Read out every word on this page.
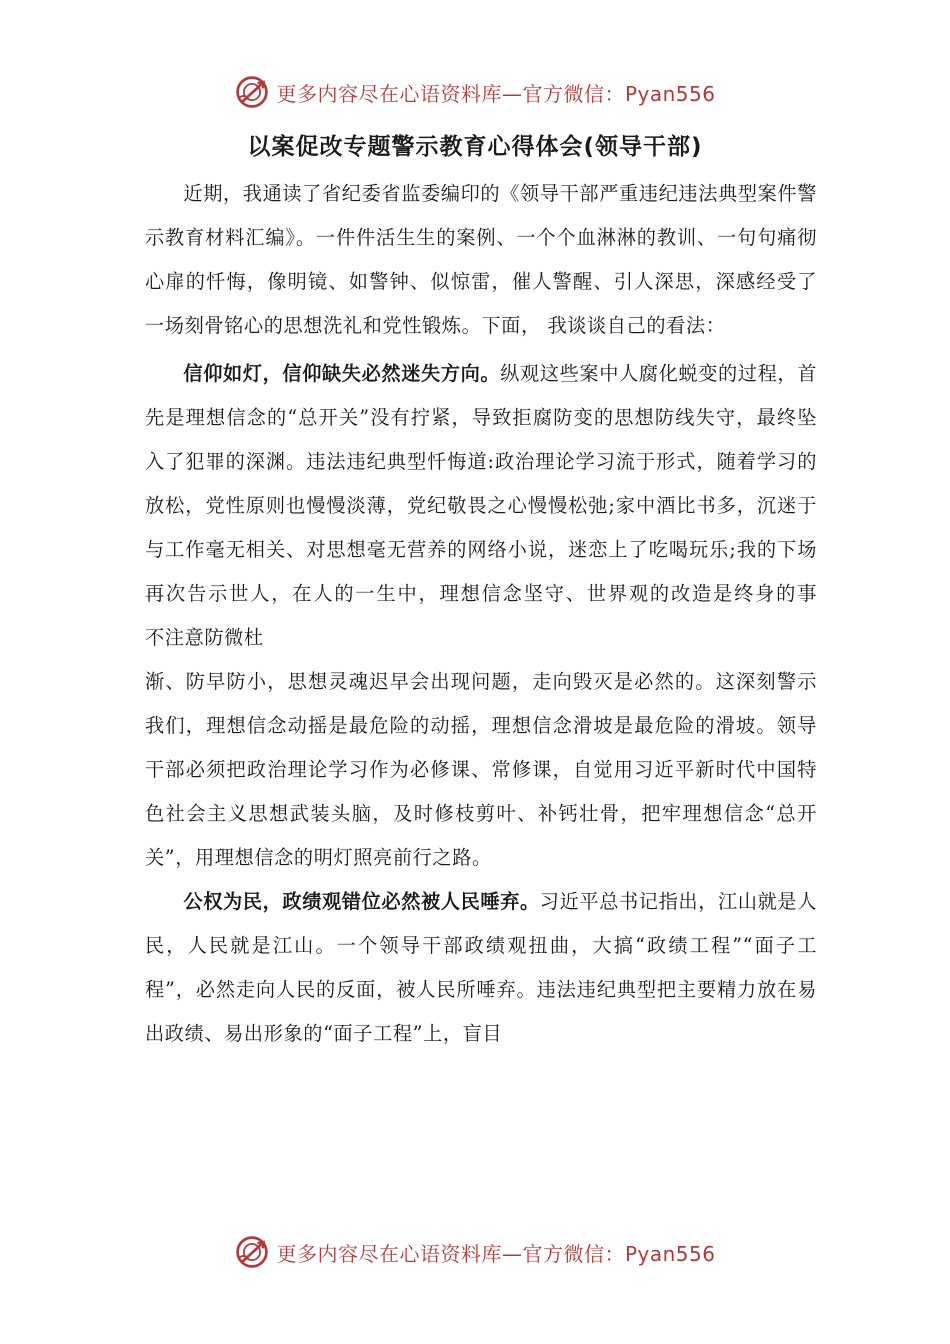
更多内容尽在心语资料库—官方微信：Pyan556
以案促改专题警示教育心得体会(领导干部)

近期，我通读了省纪委省监委编印的《领导干部严重违纪违法典型案件警示教育材料汇编》。一件件活生生的案例、一个个血淋淋的教训、一句句痛彻心扉的忏悔，像明镜、如警钟、似惊雷，催人警醒、引人深思，深感经受了一场刻骨铭心的思想洗礼和党性锻炼。下面， 我谈谈自己的看法：

信仰如灯，信仰缺失必然迷失方向。纵观这些案中人腐化蜕变的过程，首先是理想信念的“总开关”没有拧紧，导致拒腐防变的思想防线失守，最终坠入了犯罪的深渊。违法违纪典型忏悔道:政治理论学习流于形式，随着学习的放松，党性原则也慢慢淡薄，党纪敬畏之心慢慢松弛;家中酒比书多，沉迷于与工作毫无相关、对思想毫无营养的网络小说，迷恋上了吃喝玩乐;我的下场再次告示世人，在人的一生中，理想信念坚守、世界观的改造是终身的事　不注意防微杜

渐、防早防小，思想灵魂迟早会出现问题，走向毁灭是必然的。这深刻警示我们，理想信念动摇是最危险的动摇，理想信念滑坡是最危险的滑坡。领导干部必须把政治理论学习作为必修课、常修课，自觉用习近平新时代中国特色社会主义思想武装头脑，及时修枝剪叶、补钙壮骨，把牢理想信念“总开关”，用理想信念的明灯照亮前行之路。

公权为民，政绩观错位必然被人民唾弃。习近平总书记指出，江山就是人民，人民就是江山。一个领导干部政绩观扭曲，大搞“政绩工程”“面子工程”，必然走向人民的反面，被人民所唾弃。违法违纪典型把主要精力放在易出政绩、易出形象的“面子工程”上，盲目

更多内容尽在心语资料库—官方微信：Pyan556
